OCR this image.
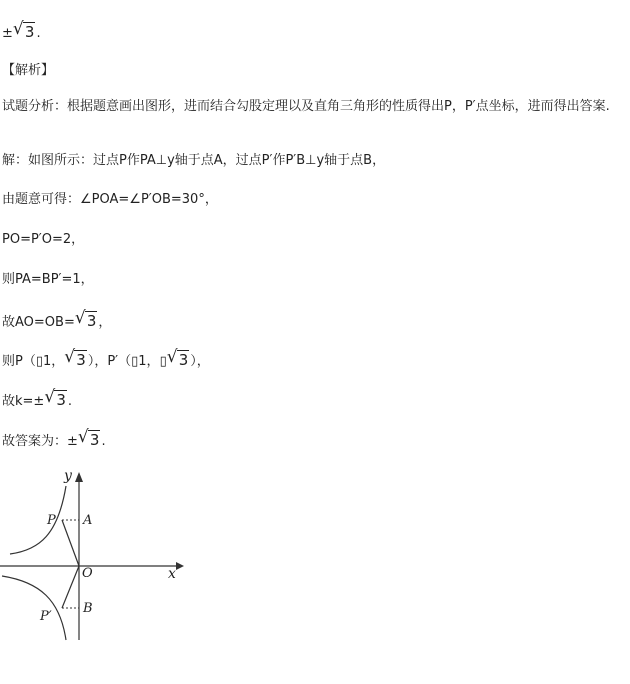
± √ 3 .
【解析】
试题分析：根据题意画出图形，进而结合勾股定理以及直角三角形的性质得出P，P′点坐标，进而得出答案.
解：如图所示：过点P作PA⊥y轴于点A，过点P′作P′B⊥y轴于点B，
由题意可得：∠POA=∠P′OB=30°，
PO=P′O=2，
则PA=BP′=1，
故AO=OB= √ 3 ，
则P（▯1， √ 3 ），P′（▯1，▯ √ 3 ），
故k=± √ 3 .
故答案为：± √ 3 .
y
x
O
P A
P′
B
